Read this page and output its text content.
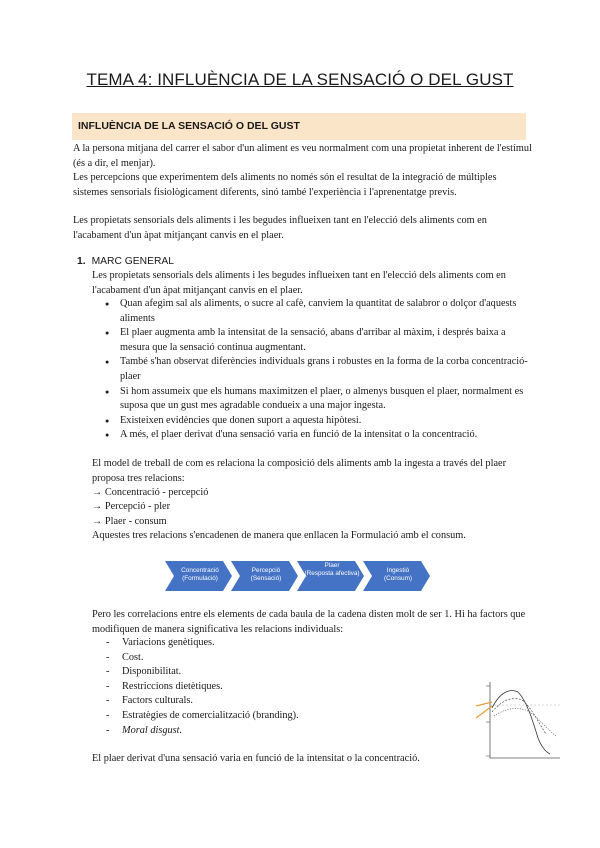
TEMA 4: INFLUÈNCIA DE LA SENSACIÓ O DEL GUST
INFLUÈNCIA DE LA SENSACIÓ O DEL GUST
A la persona mitjana del carrer el sabor d'un aliment es veu normalment com una propietat inherent de l'estímul (és a dir, el menjar).
Les percepcions que experimentem dels aliments no només són el resultat de la integració de múltiples sistemes sensorials fisiològicament diferents, sinó també l'experiència i l'aprenentatge previs.
Les propietats sensorials dels aliments i les begudes influeixen tant en l'elecció dels aliments com en l'acabament d'un àpat mitjançant canvis en el plaer.
1. MARC GENERAL
Les propietats sensorials dels aliments i les begudes influeixen tant en l'elecció dels aliments com en l'acabament d'un àpat mitjançant canvis en el plaer.
● Quan afegim sal als aliments, o sucre al cafè, canviem la quantitat de salabror o dolçor d'aquests aliments
● El plaer augmenta amb la intensitat de la sensació, abans d'arribar al màxim, i després baixa a mesura que la sensació continua augmentant.
● També s'han observat diferències individuals grans i robustes en la forma de la corba concentració-plaer
● Si hom assumeix que els humans maximitzen el plaer, o almenys busquen el plaer, normalment es suposa que un gust mes agradable condueix a una major ingesta.
● Existeixen evidències que donen suport a aquesta hipòtesi.
● A més, el plaer derivat d'una sensació varia en funció de la intensitat o la concentració.
El model de treball de com es relaciona la composició dels aliments amb la ingesta a través del plaer proposa tres relacions:
→ Concentració - percepció
→ Percepció - pler
→ Plaer - consum
Aquestes tres relacions s'encadenen de manera que enllacen la Formulació amb el consum.
Concentració
(Formulació)
Percepció
(Sensació)
Plaer
(Resposta afectiva)	Ingestió
(Consum)
Pero les correlacions entre els elements de cada baula de la cadena disten molt de ser 1. Hi ha factors que modifiquen de manera significativa les relacions individuals:
- Variacions genètiques.
- Cost.
- Disponibilitat.
- Restriccions dietètiques.
- Factors culturals.
- Estratègies de comercialització (branding).
- Moral disgust.
El plaer derivat d'una sensació varia en funció de la intensitat o la concentració.
